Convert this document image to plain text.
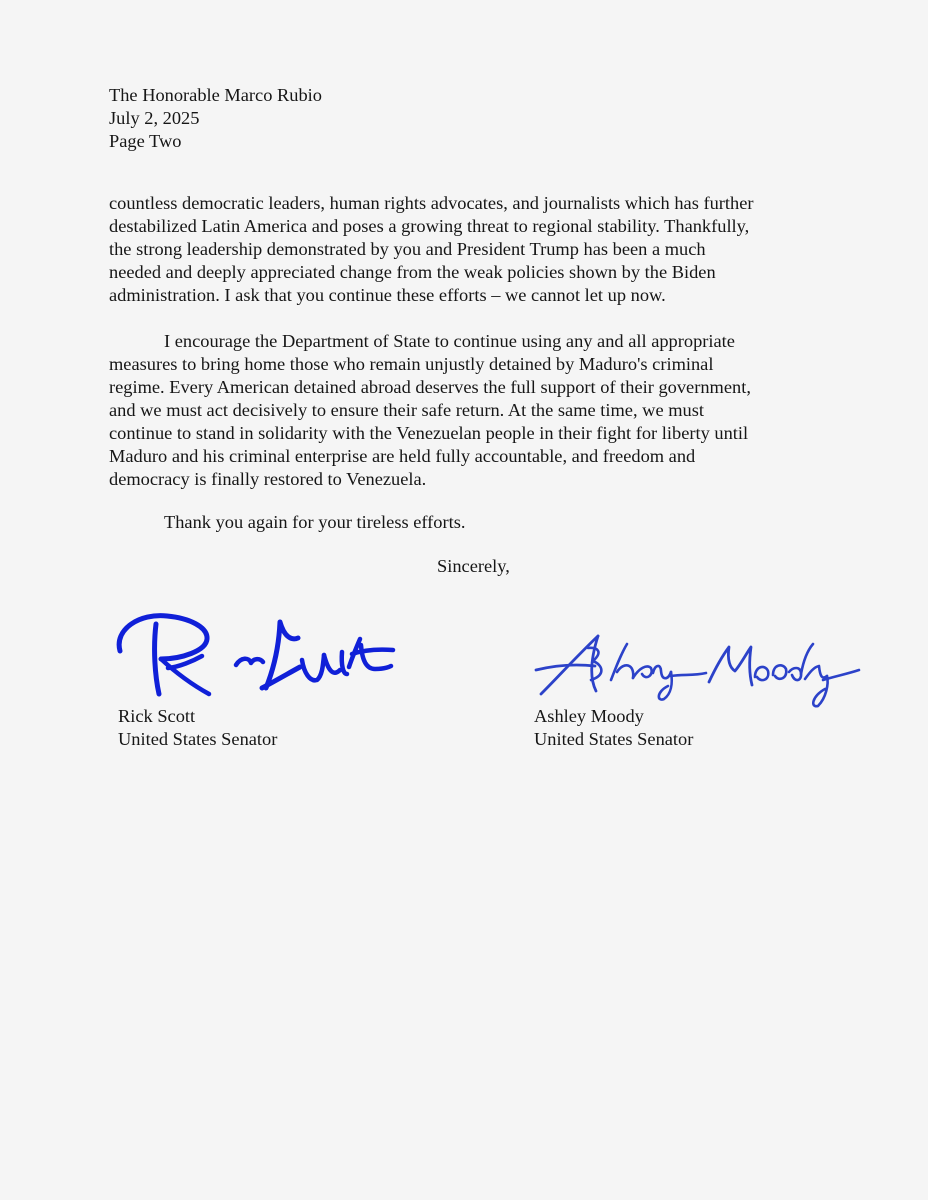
The Honorable Marco Rubio
July 2, 2025
Page Two
countless democratic leaders, human rights advocates, and journalists which has further
destabilized Latin America and poses a growing threat to regional stability. Thankfully,
the strong leadership demonstrated by you and President Trump has been a much
needed and deeply appreciated change from the weak policies shown by the Biden
administration. I ask that you continue these efforts – we cannot let up now.
I encourage the Department of State to continue using any and all appropriate
measures to bring home those who remain unjustly detained by Maduro's criminal
regime. Every American detained abroad deserves the full support of their government,
and we must act decisively to ensure their safe return. At the same time, we must
continue to stand in solidarity with the Venezuelan people in their fight for liberty until
Maduro and his criminal enterprise are held fully accountable, and freedom and
democracy is finally restored to Venezuela.
Thank you again for your tireless efforts.
Sincerely,
Rick Scott
United States Senator
Ashley Moody
United States Senator
